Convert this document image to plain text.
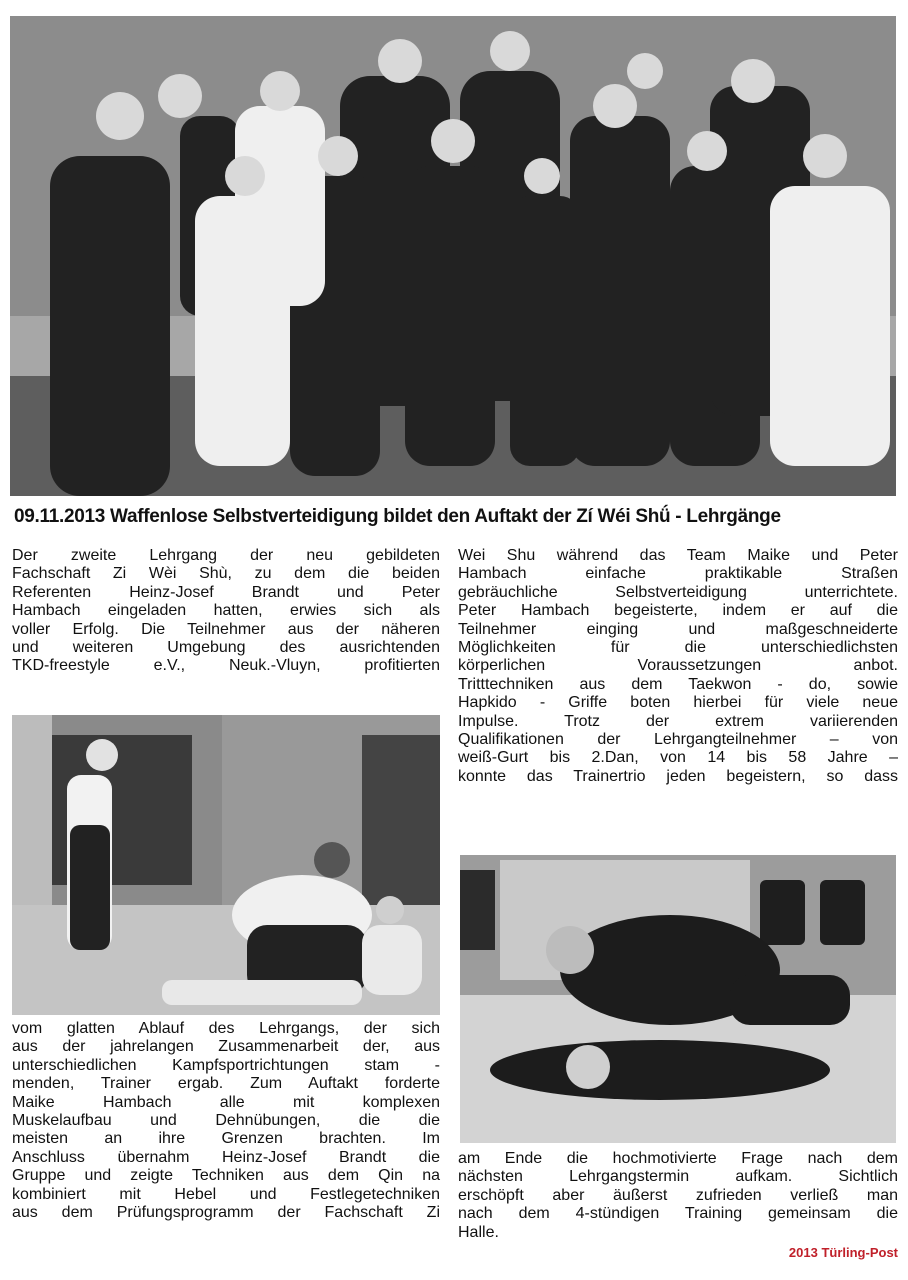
09.11.2013 Waffenlose Selbstverteidigung bildet den Auftakt der Zí Wéi Shǘ - Lehrgänge

Der zweite Lehrgang der neu gebildeten

Fachschaft Zi Wèi Shù, zu dem die beiden

Referenten Heinz-Josef Brandt und Peter

Hambach eingeladen hatten, erwies sich als

voller Erfolg. Die Teilnehmer aus der näheren

und weiteren Umgebung des ausrichtenden

TKD-freestyle e.V., Neuk.-Vluyn, profitierten

vom glatten Ablauf des Lehrgangs, der sich

aus der jahrelangen Zusammenarbeit der, aus

unterschiedlichen Kampfsportrichtungen stam -

menden, Trainer ergab. Zum Auftakt forderte

Maike Hambach alle mit komplexen

Muskelaufbau und Dehnübungen, die die

meisten an ihre Grenzen brachten. Im

Anschluss übernahm Heinz-Josef Brandt die

Gruppe und zeigte Techniken aus dem Qin na

kombiniert mit Hebel und Festlegetechniken

aus dem Prüfungsprogramm der Fachschaft Zi

Wei Shu während das Team Maike und Peter

Hambach einfache praktikable Straßen

gebräuchliche Selbstverteidigung unterrichtete.

Peter Hambach begeisterte, indem er auf die

Teilnehmer einging und maßgeschneiderte

Möglichkeiten für die unterschiedlichsten

körperlichen Voraussetzungen anbot.

Tritttechniken aus dem Taekwon - do, sowie

Hapkido - Griffe boten hierbei für viele neue

Impulse. Trotz der extrem variierenden

Qualifikationen der Lehrgangteilnehmer – von

weiß-Gurt bis 2.Dan, von 14 bis 58 Jahre –

konnte das Trainertrio jeden begeistern, so dass

am Ende die hochmotivierte Frage nach dem

nächsten Lehrgangstermin aufkam. Sichtlich

erschöpft aber äußerst zufrieden verließ man

nach dem 4-stündigen Training gemeinsam die

Halle.

2013 Türling-Post
